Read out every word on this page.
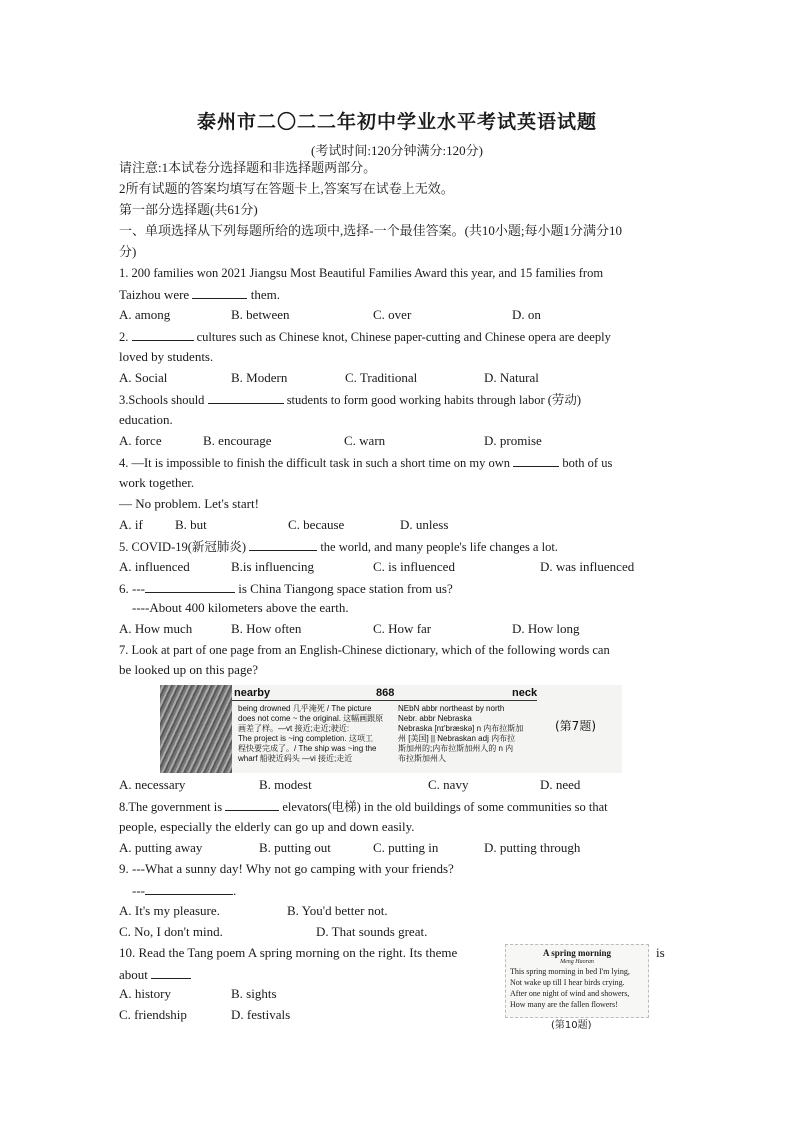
泰州市二〇二二年初中学业水平考试英语试题
(考试时间:120分钟满分:120分)
请注意:1本试卷分选择题和非选择题两部分。
2所有试题的答案均填写在答题卡上,答案写在试卷上无效。
第一部分选择题(共61分)
一、单项选择从下列每题所给的选项中,选择-一个最佳答案。(共10小题;每小题1分满分10
分)
1. 200 families won 2021 Jiangsu Most Beautiful Families Award this year, and 15 families from
Taizhou were	them.
A. among	B. between	C. over	D. on
2.	cultures such as Chinese knot, Chinese paper-cutting and Chinese opera are deeply
loved by students.
A. Social	B. Modern	C. Traditional	D. Natural
3.Schools should	students to form good working habits through labor (劳动)
education.
A. force	B. encourage	C. warn	D. promise
4. —It is impossible to finish the difficult task in such a short time on my own	both of us
work together.
— No problem. Let's start!
A. if B. but	C. because	D. unless
5. COVID-19(新冠肺炎)	the world, and many people's life changes a lot.
A. influenced	B.is influencing	C. is influenced	D. was influenced
6. ---	is China Tiangong space station from us?
----About 400 kilometers above the earth.
A. How much	B. How often	C. How far	D. How long
7. Look at part of one page from an English-Chinese dictionary, which of the following words can
be looked up on this page?
nearby	868	neck
being drowned 几乎淹死 / The picture
does not come ~ the original. 这幅画跟原
画差了样。—vt 接近;走近;驶近:
The project is ~ing completion. 这项工
程快要完成了。/ The ship was ~ing the
wharf 船驶近码头 —vi 接近;走近
NEbN abbr northeast by north
Nebr. abbr Nebraska
Nebraska [nɪ'bræskə] n 内布拉斯加
州 [美国] || Nebraskan adj 内布拉
斯加州的;内布拉斯加州人的 n 内
布拉斯加州人
(第7题)
A. necessary	B. modest	C. navy	D. need
8.The government is	elevators(电梯) in the old buildings of some communities so that
people, especially the elderly can go up and down easily.
A. putting away	B. putting out	C. putting in	D. putting through
9. ---What a sunny day! Why not go camping with your friends?
---	.
A. It's my pleasure.	B. You'd better not.
C. No, I don't mind.	D. That sounds great.
10. Read the Tang poem A spring morning on the right. Its theme	is
about
A spring morning
Meng Haoran
This spring morning in bed I'm lying,
Not wake up till I hear birds crying.
After one night of wind and showers,
How many are the fallen flowers!
(第10题)
A. history	B. sights
C. friendship	D. festivals
